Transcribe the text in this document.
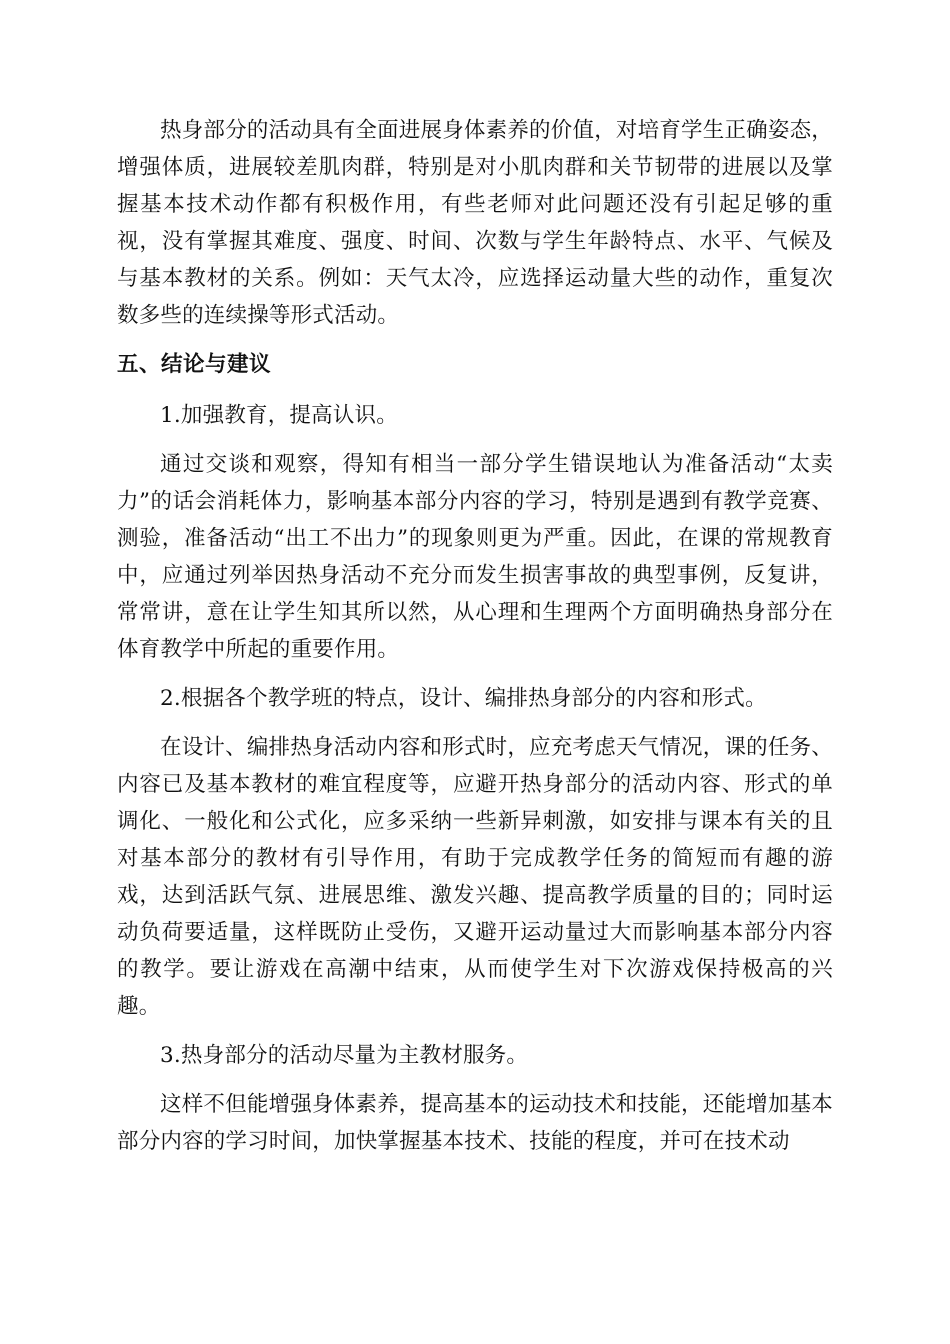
热身部分的活动具有全面进展身体素养的价值，对培育学生正确姿态，增强体质，进展较差肌肉群，特别是对小肌肉群和关节韧带的进展以及掌握基本技术动作都有积极作用，有些老师对此问题还没有引起足够的重视，没有掌握其难度、强度、时间、次数与学生年龄特点、水平、气候及与基本教材的关系。例如：天气太冷，应选择运动量大些的动作，重复次数多些的连续操等形式活动。

五、结论与建议
1.加强教育，提高认识。

通过交谈和观察，得知有相当一部分学生错误地认为准备活动“太卖力”的话会消耗体力，影响基本部分内容的学习，特别是遇到有教学竞赛、测验，准备活动“出工不出力”的现象则更为严重。因此，在课的常规教育中，应通过列举因热身活动不充分而发生损害事故的典型事例，反复讲，常常讲，意在让学生知其所以然，从心理和生理两个方面明确热身部分在体育教学中所起的重要作用。

2.根据各个教学班的特点，设计、编排热身部分的内容和形式。

在设计、编排热身活动内容和形式时，应充考虑天气情况，课的任务、内容已及基本教材的难宜程度等，应避开热身部分的活动内容、形式的单调化、一般化和公式化，应多采纳一些新异刺激，如安排与课本有关的且对基本部分的教材有引导作用，有助于完成教学任务的简短而有趣的游戏，达到活跃气氛、进展思维、激发兴趣、提高教学质量的目的；同时运动负荷要适量，这样既防止受伤，又避开运动量过大而影响基本部分内容的教学。要让游戏在高潮中结束，从而使学生对下次游戏保持极高的兴趣。

3.热身部分的活动尽量为主教材服务。

这样不但能增强身体素养，提高基本的运动技术和技能，还能增加基本部分内容的学习时间，加快掌握基本技术、技能的程度，并可在技术动
